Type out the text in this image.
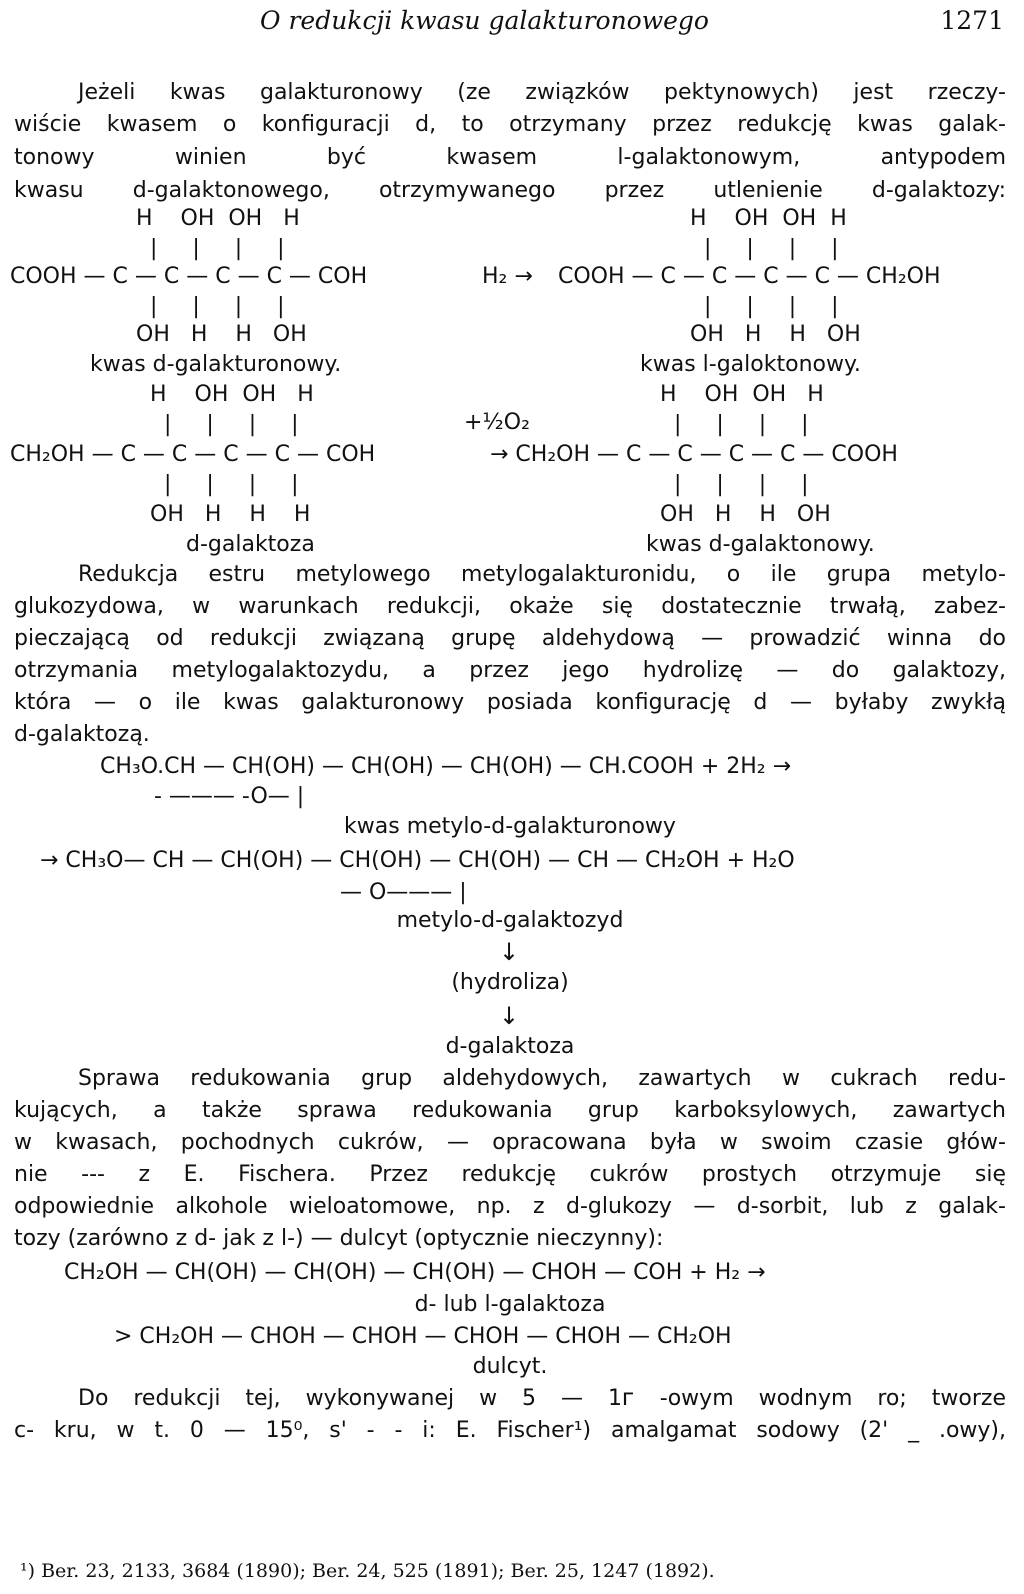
O redukcji kwasu galakturonowego	1271
Jeżeli kwas galakturonowy (ze związków pektynowych) jest rzeczy-
wiście kwasem o konfiguracji d, to otrzymany przez redukcję kwas galak-
tonowy winien być kwasem l-galaktonowym, antypodem
kwasu d-galaktonowego, otrzymywanego przez utlenienie d-galaktozy:
H    OH  OH   H
|     |     |     |
COOH — C — C — C — C — COH
|     |     |     |
OH   H    H   OH
H₂ →
H    OH  OH  H
|     |     |     |
COOH — C — C — C — C — CH₂OH
|     |     |     |
OH   H    H   OH
kwas d-galakturonowy.	kwas l-galoktonowy.
H    OH  OH   H
|     |     |     |
CH₂OH — C — C — C — C — COH
|     |     |     |
OH   H    H    H
+½O₂
H    OH  OH   H
|     |     |     |
→ CH₂OH — C — C — C — C — COOH
|     |     |     |
OH   H    H   OH
d-galaktoza	kwas d-galaktonowy.
Redukcja estru metylowego metylogalakturonidu, o ile grupa metylo-
glukozydowa, w warunkach redukcji, okaże się dostatecznie trwałą, zabez-
pieczającą od redukcji związaną grupę aldehydową — prowadzić winna do
otrzymania metylogalaktozydu, a przez jego hydrolizę — do galaktozy,
która — o ile kwas galakturonowy posiada konfigurację d — byłaby zwykłą
d-galaktozą.
CH₃O.CH — CH(OH) — CH(OH) — CH(OH) — CH.COOH + 2H₂ →
- ——— -O— |
kwas metylo-d-galakturonowy
→ CH₃O— CH — CH(OH) — CH(OH) — CH(OH) — CH — CH₂OH + H₂O
— O——— |
metylo-d-galaktozyd
↓
(hydroliza)
↓
d-galaktoza
Sprawa redukowania grup aldehydowych, zawartych w cukrach redu-
kujących, a także sprawa redukowania grup karboksylowych, zawartych
w kwasach, pochodnych cukrów, — opracowana była w swoim czasie głów-
nie --- z E. Fischera. Przez redukcję cukrów prostych otrzymuje się
odpowiednie alkohole wieloatomowe, np. z d-glukozy — d-sorbit, lub z galak-
tozy (zarówno z d- jak z l-) — dulcyt (optycznie nieczynny):
CH₂OH — CH(OH) — CH(OH) — CH(OH) — CHOH — COH + H₂ →
d- lub l-galaktoza
> CH₂OH — CHOH — CHOH — CHOH — CHOH — CH₂OH
dulcyt.
Do redukcji tej, wykonywanej w 5 — 1ᴦ -owym wodnym ro; tworze
c- kru, w t. 0 — 15⁰, s' - - i: E. Fischer¹) amalgamat sodowy (2' _ .owy),
¹) Ber. 23, 2133, 3684 (1890); Ber. 24, 525 (1891); Ber. 25, 1247 (1892).
